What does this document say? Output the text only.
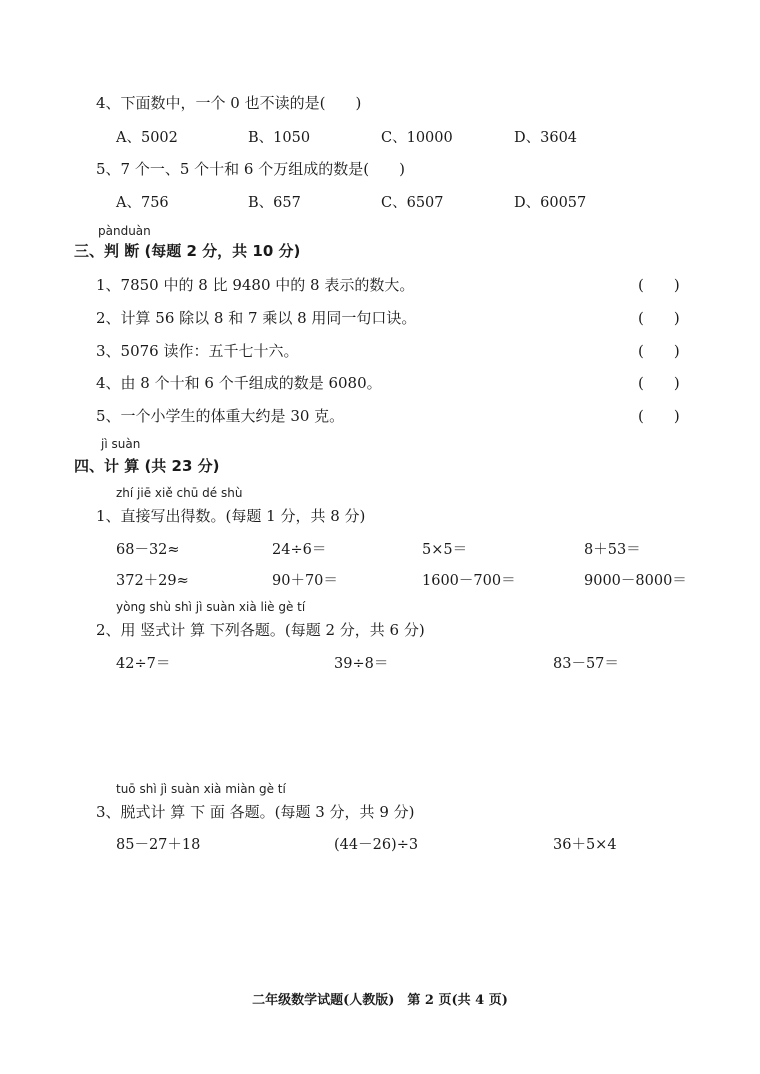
4、下面数中，一个 0 也不读的是(　　)
A、5002	B、1050	C、10000	D、3604
5、7 个一、5 个十和 6 个万组成的数是(　　)
A、756	B、657	C、6507	D、60057
pànduàn
三、判 断 (每题 2 分，共 10 分)
1、7850 中的 8 比 9480 中的 8 表示的数大。	(　　)
2、计算 56 除以 8 和 7 乘以 8 用同一句口诀。	(　　)
3、5076 读作：五千七十六。	(　　)
4、由 8 个十和 6 个千组成的数是 6080。	(　　)
5、一个小学生的体重大约是 30 克。	(　　)
jì suàn
四、计 算 (共 23 分)
zhí jiē xiě chū dé shù
1、直接写出得数。(每题 1 分，共 8 分)
68－32≈	24÷6＝	5×5＝	8＋53＝
372＋29≈	90＋70＝	1600－700＝	9000－8000＝
yòng shù shì jì suàn xià liè gè tí
2、用 竖式计 算 下列各题。(每题 2 分，共 6 分)
42÷7＝	39÷8＝	83－57＝
tuō shì jì suàn xià miàn gè tí
3、脱式计 算 下 面 各题。(每题 3 分，共 9 分)
85－27＋18	(44－26)÷3	36＋5×4
二年级数学试题(人教版)　第 2 页(共 4 页)
